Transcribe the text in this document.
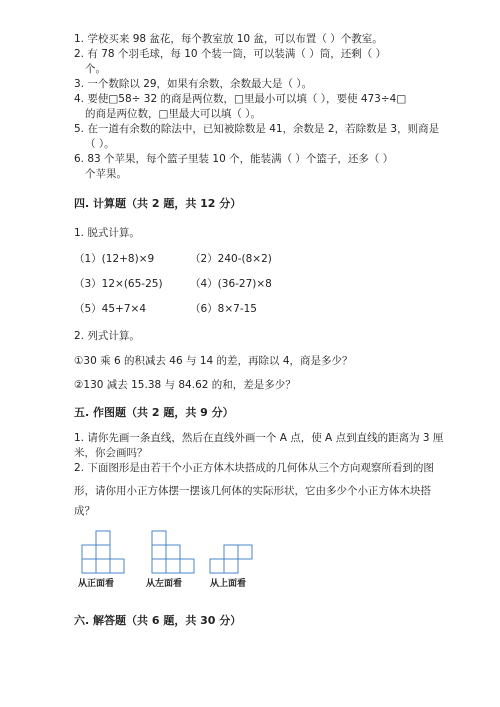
1. 学校买来 98 盆花，每个教室放 10 盆，可以布置（ ）个教室。
2. 有 78 个羽毛球，每 10 个装一筒，可以装满（ ）筒，还剩（ ）
个。
3. 一个数除以 29，如果有余数，余数最大是（ ）。
4. 要使□58÷ 32 的商是两位数，□里最小可以填（ ），要使 473÷4□
的商是两位数，□里最大可以填（ ）。
5. 在一道有余数的除法中，已知被除数是 41，余数是 2，若除数是 3，则商是
（ ）。
6. 83 个苹果，每个篮子里装 10 个，能装满（ ）个篮子，还多（ ）
个苹果。
四. 计算题（共 2 题，共 12 分）
1. 脱式计算。
（1）(12+8)×9	（2）240-(8×2)
（3）12×(65-25)	（4）(36-27)×8
（5）45+7×4	（6）8×7-15
2. 列式计算。
①30 乘 6 的积减去 46 与 14 的差，再除以 4，商是多少？
②130 减去 15.38 与 84.62 的和，差是多少？
五. 作图题（共 2 题，共 9 分）
1. 请你先画一条直线，然后在直线外画一个 A 点，使 A 点到直线的距离为 3 厘
米，你会画吗？
2. 下面图形是由若干个小正方体木块搭成的几何体从三个方向观察所看到的图
形，请你用小正方体摆一摆该几何体的实际形状，它由多少个小正方体木块搭
成？
从正面看	从左面看	从上面看
六. 解答题（共 6 题，共 30 分）
